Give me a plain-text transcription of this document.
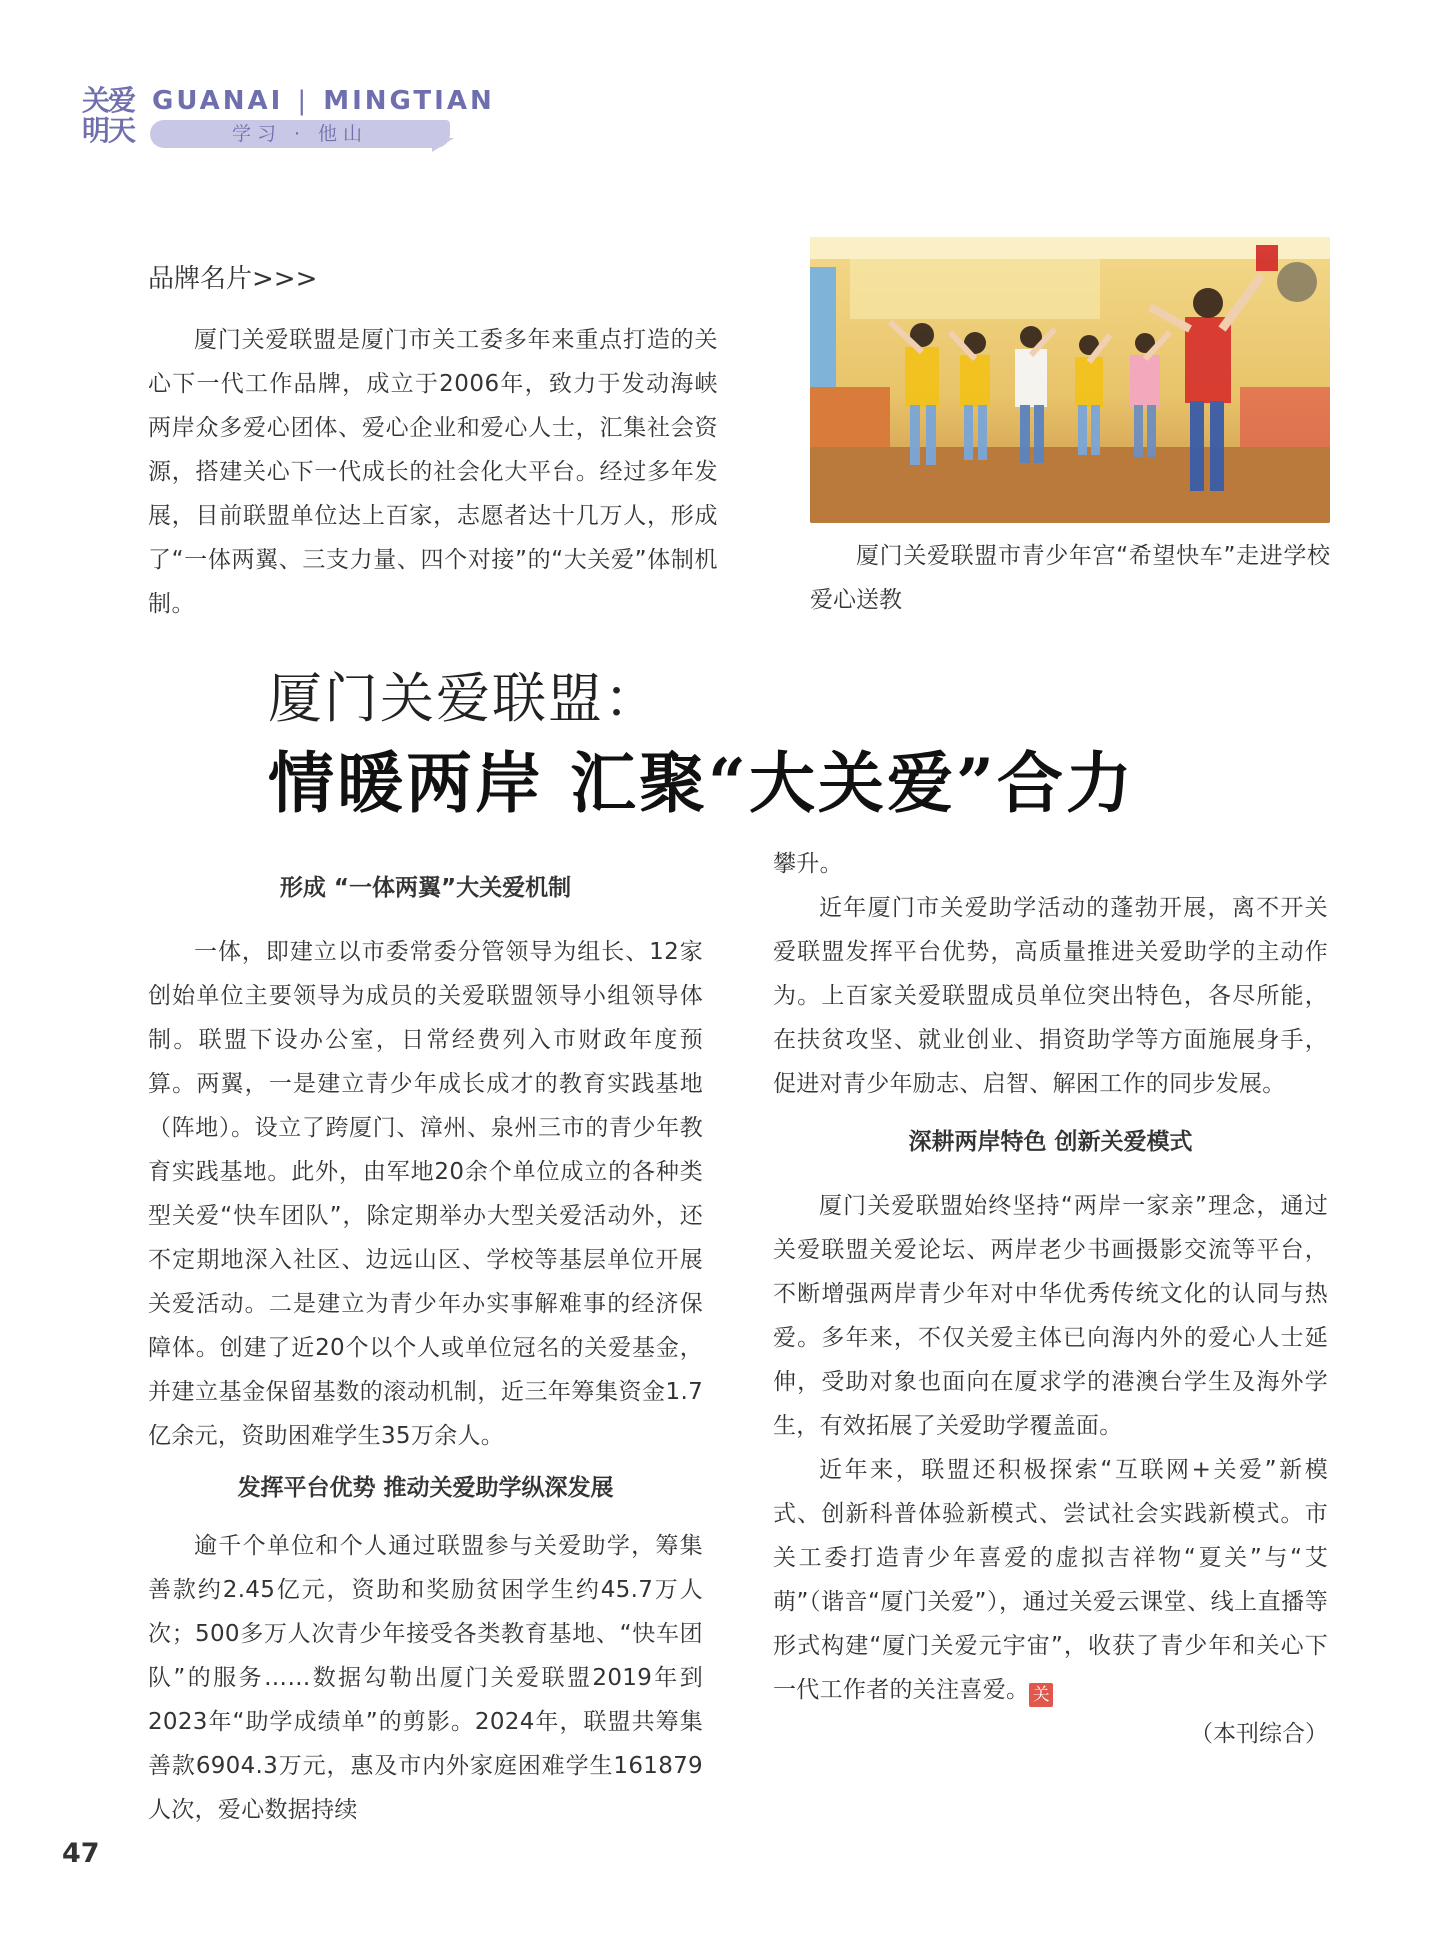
关爱明天
GUANAI | MINGTIAN
学习 · 他山

品牌名片>>>

厦门关爱联盟是厦门市关工委多年来重点打造的关心下一代工作品牌，成立于2006年，致力于发动海峡两岸众多爱心团体、爱心企业和爱心人士，汇集社会资源，搭建关心下一代成长的社会化大平台。经过多年发展，目前联盟单位达上百家，志愿者达十几万人，形成了“一体两翼、三支力量、四个对接”的“大关爱”体制机制。

厦门关爱联盟市青少年宫“希望快车”走进学校爱心送教

厦门关爱联盟：
情暖两岸 汇聚“大关爱”合力

形成 “一体两翼”大关爱机制

一体，即建立以市委常委分管领导为组长、12家创始单位主要领导为成员的关爱联盟领导小组领导体制。联盟下设办公室，日常经费列入市财政年度预算。两翼，一是建立青少年成长成才的教育实践基地（阵地）。设立了跨厦门、漳州、泉州三市的青少年教育实践基地。此外，由军地20余个单位成立的各种类型关爱“快车团队”，除定期举办大型关爱活动外，还不定期地深入社区、边远山区、学校等基层单位开展关爱活动。二是建立为青少年办实事解难事的经济保障体。创建了近20个以个人或单位冠名的关爱基金，并建立基金保留基数的滚动机制，近三年筹集资金1.7亿余元，资助困难学生35万余人。

发挥平台优势 推动关爱助学纵深发展

逾千个单位和个人通过联盟参与关爱助学，筹集善款约2.45亿元，资助和奖励贫困学生约45.7万人次；500多万人次青少年接受各类教育基地、“快车团队”的服务……数据勾勒出厦门关爱联盟2019年到2023年“助学成绩单”的剪影。2024年，联盟共筹集善款6904.3万元，惠及市内外家庭困难学生161879人次，爱心数据持续

攀升。

近年厦门市关爱助学活动的蓬勃开展，离不开关爱联盟发挥平台优势，高质量推进关爱助学的主动作为。上百家关爱联盟成员单位突出特色，各尽所能，在扶贫攻坚、就业创业、捐资助学等方面施展身手，促进对青少年励志、启智、解困工作的同步发展。

深耕两岸特色 创新关爱模式

厦门关爱联盟始终坚持“两岸一家亲”理念，通过关爱联盟关爱论坛、两岸老少书画摄影交流等平台，不断增强两岸青少年对中华优秀传统文化的认同与热爱。多年来，不仅关爱主体已向海内外的爱心人士延伸，受助对象也面向在厦求学的港澳台学生及海外学生，有效拓展了关爱助学覆盖面。

近年来，联盟还积极探索“互联网+关爱”新模式、创新科普体验新模式、尝试社会实践新模式。市关工委打造青少年喜爱的虚拟吉祥物“夏关”与“艾萌”（谐音“厦门关爱”），通过关爱云课堂、线上直播等形式构建“厦门关爱元宇宙”，收获了青少年和关心下一代工作者的关注喜爱。 关

（本刊综合）

47
